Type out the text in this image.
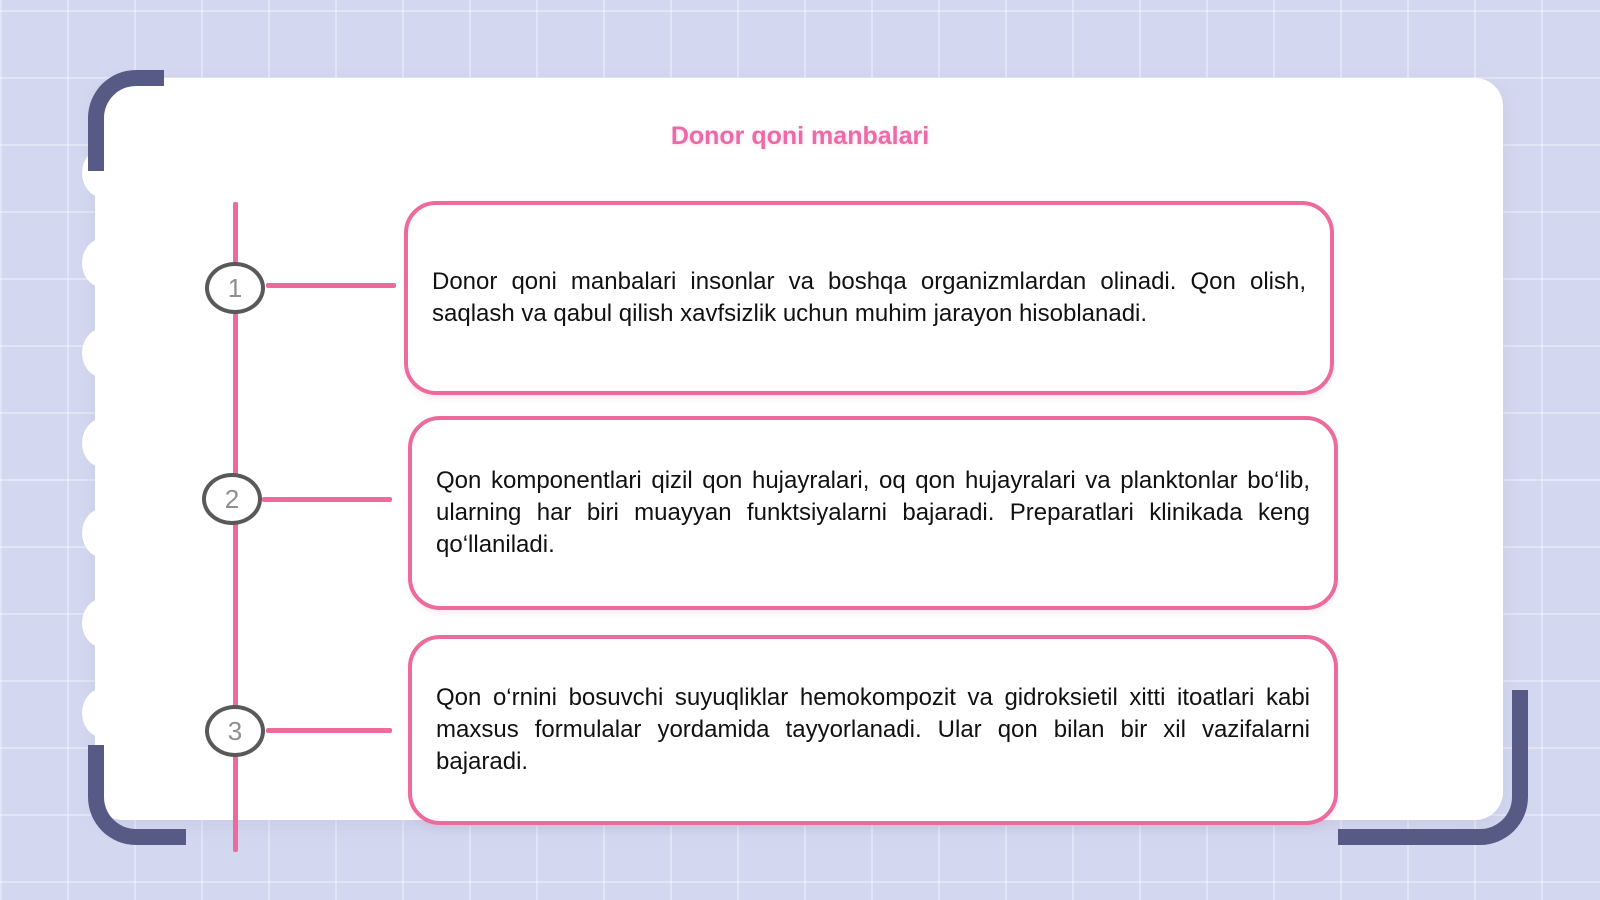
Donor qoni manbalari
1
2
3

Donor qoni manbalari insonlar va boshqa organizmlardan olinadi. Qon olish, saqlash va qabul qilish xavfsizlik uchun muhim jarayon hisoblanadi.

Qon komponentlari qizil qon hujayralari, oq qon hujayralari va planktonlar bo‘lib, ularning har biri muayyan funktsiyalarni bajaradi. Preparatlari klinikada keng qo‘llaniladi.

Qon o‘rnini bosuvchi suyuqliklar hemokompozit va gidroksietil xitti itoatlari kabi maxsus formulalar yordamida tayyorlanadi. Ular qon bilan bir xil vazifalarni bajaradi.
